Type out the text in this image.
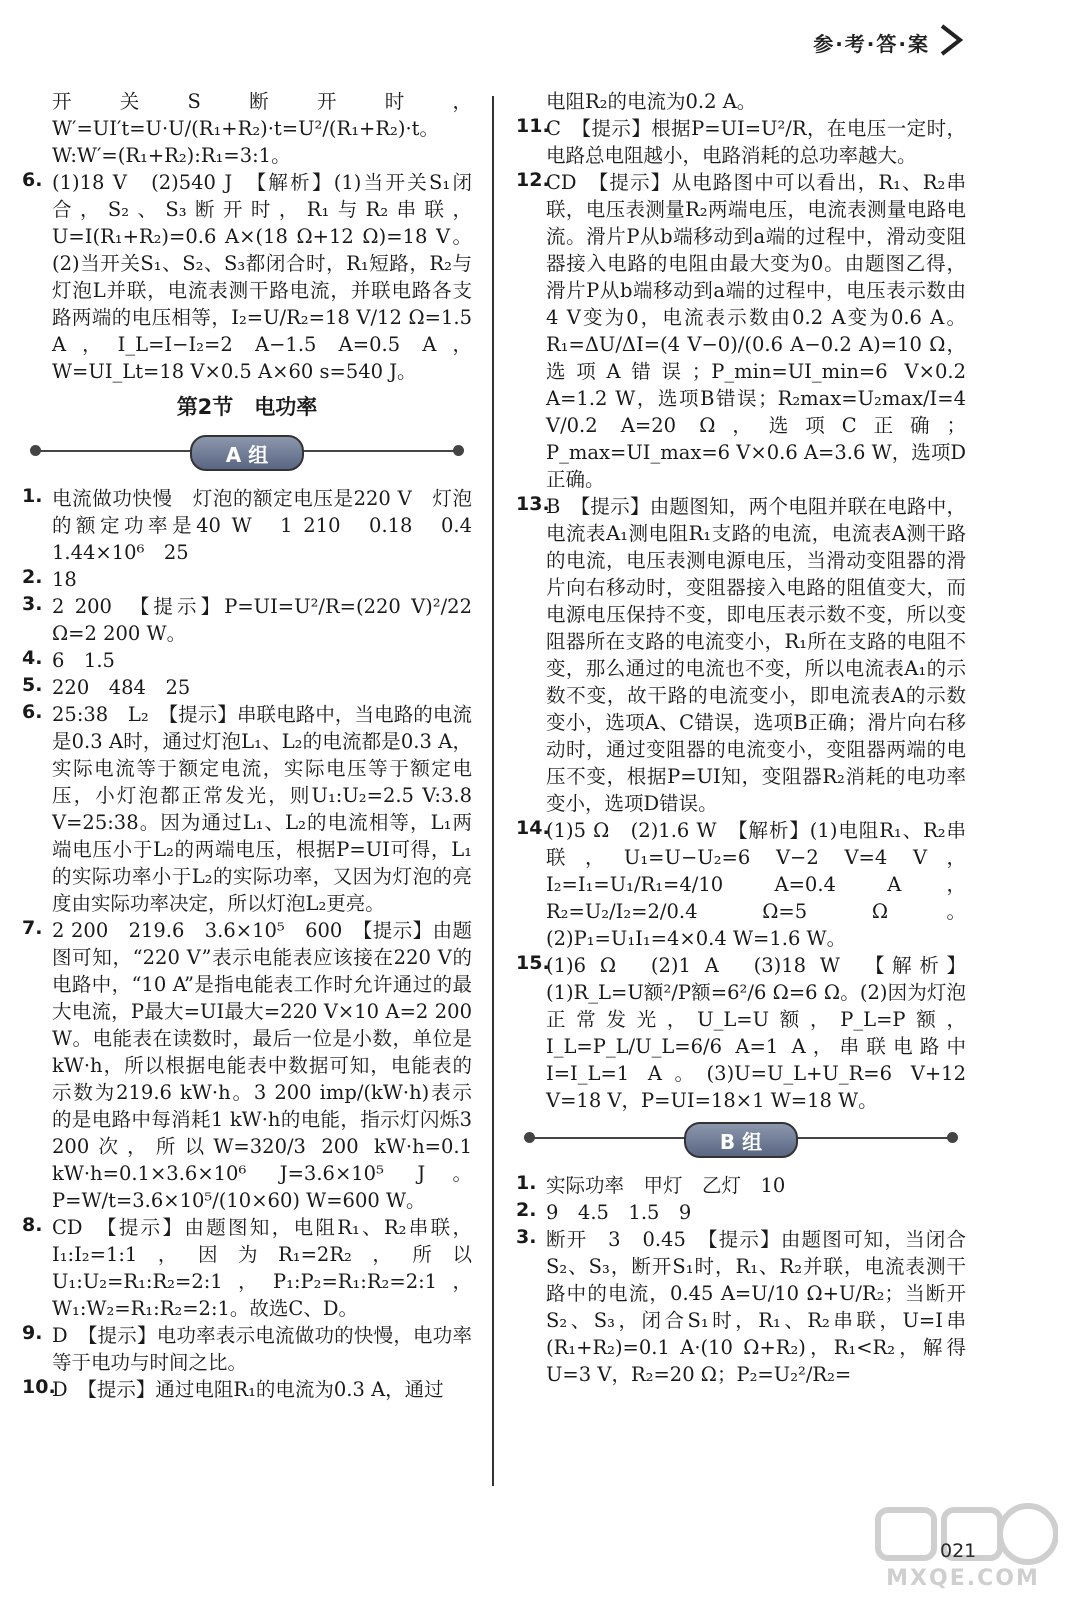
参·考·答·案

开关S断开时，W′=UI′t=U·U/(R₁+R₂)·t=U²/(R₁+R₂)·t。

W:W′=(R₁+R₂):R₁=3:1。

6. (1)18 V　(2)540 J　【解析】(1)当开关S₁闭合，S₂、S₃断开时，R₁与R₂串联，U=I(R₁+R₂)=0.6 A×(18 Ω+12 Ω)=18 V。(2)当开关S₁、S₂、S₃都闭合时，R₁短路，R₂与灯泡L并联，电流表测干路电流，并联电路各支路两端的电压相等，I₂=U/R₂=18 V/12 Ω=1.5 A，I_L=I−I₂=2 A−1.5 A=0.5 A，W=UI_Lt=18 V×0.5 A×60 s=540 J。

第2节　电功率
A 组
1. 电流做功快慢　灯泡的额定电压是220 V　灯泡的额定功率是40 W　1 210　0.18　0.4　1.44×10⁶　25

2. 18

3. 2 200　【提示】P=UI=U²/R=(220 V)²/22 Ω=2 200 W。

4. 6　1.5

5. 220　484　25

6. 25:38　L₂　【提示】串联电路中，当电路的电流是0.3 A时，通过灯泡L₁、L₂的电流都是0.3 A，实际电流等于额定电流，实际电压等于额定电压，小灯泡都正常发光，则U₁:U₂=2.5 V:3.8 V=25:38。因为通过L₁、L₂的电流相等，L₁两端电压小于L₂的两端电压，根据P=UI可得，L₁的实际功率小于L₂的实际功率，又因为灯泡的亮度由实际功率决定，所以灯泡L₂更亮。

7. 2 200　219.6　3.6×10⁵　600　【提示】由题图可知，“220 V”表示电能表应该接在220 V的电路中，“10 A”是指电能表工作时允许通过的最大电流，P最大=UI最大=220 V×10 A=2 200 W。电能表在读数时，最后一位是小数，单位是kW·h，所以根据电能表中数据可知，电能表的示数为219.6 kW·h。3 200 imp/(kW·h)表示的是电路中每消耗1 kW·h的电能，指示灯闪烁3 200次，所以W=320/3 200 kW·h=0.1 kW·h=0.1×3.6×10⁶ J=3.6×10⁵ J。P=W/t=3.6×10⁵/(10×60) W=600 W。

8. CD　【提示】由题图知，电阻R₁、R₂串联，I₁:I₂=1:1，因为R₁=2R₂，所以U₁:U₂=R₁:R₂=2:1，P₁:P₂=R₁:R₂=2:1，W₁:W₂=R₁:R₂=2:1。故选C、D。

9. D　【提示】电功率表示电流做功的快慢，电功率等于电功与时间之比。

10.

D　【提示】通过电阻R₁的电流为0.3 A，通过

电阻R₂的电流为0.2 A。

11.

C　【提示】根据P=UI=U²/R，在电压一定时，电路总电阻越小，电路消耗的总功率越大。

12.

CD　【提示】从电路图中可以看出，R₁、R₂串联，电压表测量R₂两端电压，电流表测量电路电流。滑片P从b端移动到a端的过程中，滑动变阻器接入电路的电阻由最大变为0。由题图乙得，滑片P从b端移动到a端的过程中，电压表示数由4 V变为0，电流表示数由0.2 A变为0.6 A。R₁=ΔU/ΔI=(4 V−0)/(0.6 A−0.2 A)=10 Ω，选项A错误；P_min=UI_min=6 V×0.2 A=1.2 W，选项B错误；R₂max=U₂max/I=4 V/0.2 A=20 Ω，选项C正确；P_max=UI_max=6 V×0.6 A=3.6 W，选项D正确。

13.

B　【提示】由题图知，两个电阻并联在电路中，电流表A₁测电阻R₁支路的电流，电流表A测干路的电流，电压表测电源电压，当滑动变阻器的滑片向右移动时，变阻器接入电路的阻值变大，而电源电压保持不变，即电压表示数不变，所以变阻器所在支路的电流变小，R₁所在支路的电阻不变，那么通过的电流也不变，所以电流表A₁的示数不变，故干路的电流变小，即电流表A的示数变小，选项A、C错误，选项B正确；滑片向右移动时，通过变阻器的电流变小，变阻器两端的电压不变，根据P=UI知，变阻器R₂消耗的电功率变小，选项D错误。

14.

(1)5 Ω　(2)1.6 W　【解析】(1)电阻R₁、R₂串联，U₁=U−U₂=6 V−2 V=4 V，I₂=I₁=U₁/R₁=4/10 A=0.4 A，R₂=U₂/I₂=2/0.4 Ω=5 Ω。(2)P₁=U₁I₁=4×0.4 W=1.6 W。

15.

(1)6 Ω　(2)1 A　(3)18 W　【解析】(1)R_L=U额²/P额=6²/6 Ω=6 Ω。(2)因为灯泡正常发光，U_L=U额，P_L=P额，I_L=P_L/U_L=6/6 A=1 A，串联电路中I=I_L=1 A。(3)U=U_L+U_R=6 V+12 V=18 V，P=UI=18×1 W=18 W。

B 组
1. 实际功率　甲灯　乙灯　10

2. 9　4.5　1.5　9

3. 断开　3　0.45　【提示】由题图可知，当闭合S₂、S₃，断开S₁时，R₁、R₂并联，电流表测干路中的电流，0.45 A=U/10 Ω+U/R₂；当断开S₂、S₃，闭合S₁时，R₁、R₂串联，U=I串(R₁+R₂)=0.1 A·(10 Ω+R₂)，R₁<R₂，解得U=3 V，R₂=20 Ω；P₂=U₂²/R₂=

021
MXQE.COM
